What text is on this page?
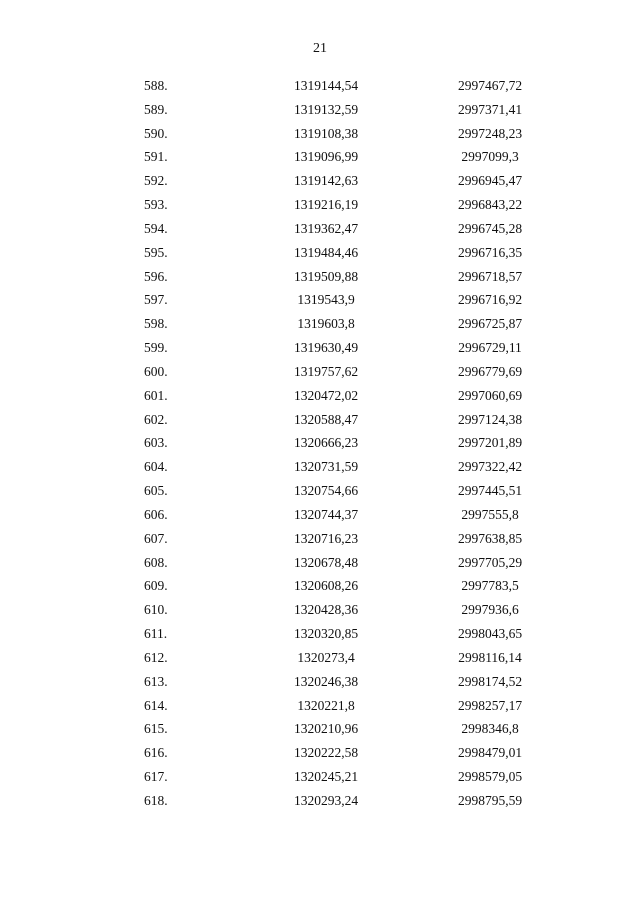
21
588.	1319144,54	2997467,72
589.	1319132,59	2997371,41
590.	1319108,38	2997248,23
591.	1319096,99	2997099,3
592.	1319142,63	2996945,47
593.	1319216,19	2996843,22
594.	1319362,47	2996745,28
595.	1319484,46	2996716,35
596.	1319509,88	2996718,57
597.	1319543,9	2996716,92
598.	1319603,8	2996725,87
599.	1319630,49	2996729,11
600.	1319757,62	2996779,69
601.	1320472,02	2997060,69
602.	1320588,47	2997124,38
603.	1320666,23	2997201,89
604.	1320731,59	2997322,42
605.	1320754,66	2997445,51
606.	1320744,37	2997555,8
607.	1320716,23	2997638,85
608.	1320678,48	2997705,29
609.	1320608,26	2997783,5
610.	1320428,36	2997936,6
611.	1320320,85	2998043,65
612.	1320273,4	2998116,14
613.	1320246,38	2998174,52
614.	1320221,8	2998257,17
615.	1320210,96	2998346,8
616.	1320222,58	2998479,01
617.	1320245,21	2998579,05
618.	1320293,24	2998795,59
